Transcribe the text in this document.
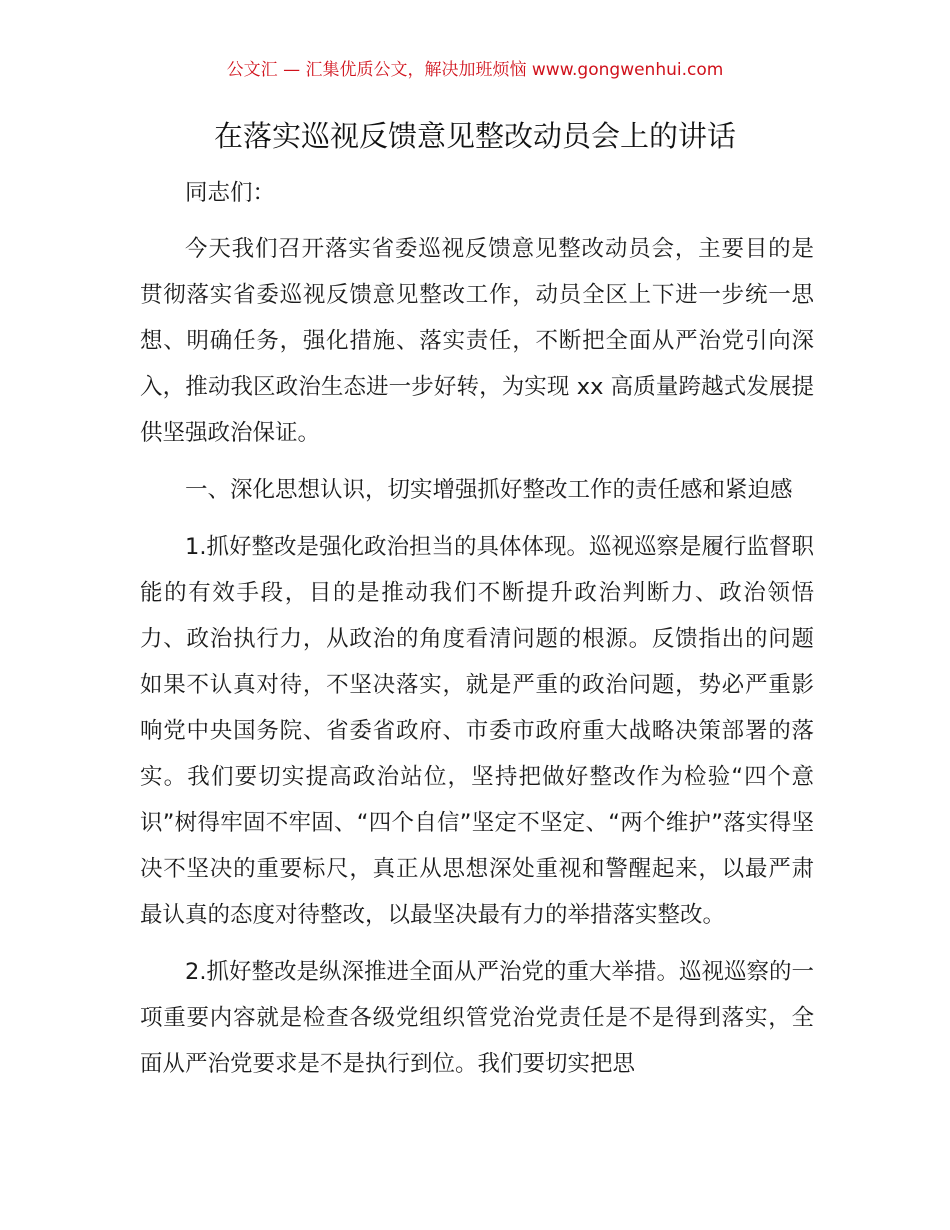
公文汇 — 汇集优质公文，解决加班烦恼 www.gongwenhui.com
在落实巡视反馈意见整改动员会上的讲话

同志们：

今天我们召开落实省委巡视反馈意见整改动员会，主要目的是贯彻落实省委巡视反馈意见整改工作，动员全区上下进一步统一思想、明确任务，强化措施、落实责任，不断把全面从严治党引向深入，推动我区政治生态进一步好转，为实现 xx 高质量跨越式发展提供坚强政治保证。

一、深化思想认识，切实增强抓好整改工作的责任感和紧迫感

1.抓好整改是强化政治担当的具体体现。巡视巡察是履行监督职能的有效手段，目的是推动我们不断提升政治判断力、政治领悟力、政治执行力，从政治的角度看清问题的根源。反馈指出的问题如果不认真对待，不坚决落实，就是严重的政治问题，势必严重影响党中央国务院、省委省政府、市委市政府重大战略决策部署的落实。我们要切实提高政治站位，坚持把做好整改作为检验“四个意识”树得牢固不牢固、“四个自信”坚定不坚定、“两个维护”落实得坚决不坚决的重要标尺，真正从思想深处重视和警醒起来，以最严肃最认真的态度对待整改，以最坚决最有力的举措落实整改。

2.抓好整改是纵深推进全面从严治党的重大举措。巡视巡察的一项重要内容就是检查各级党组织管党治党责任是不是得到落实，全面从严治党要求是不是执行到位。我们要切实把思
